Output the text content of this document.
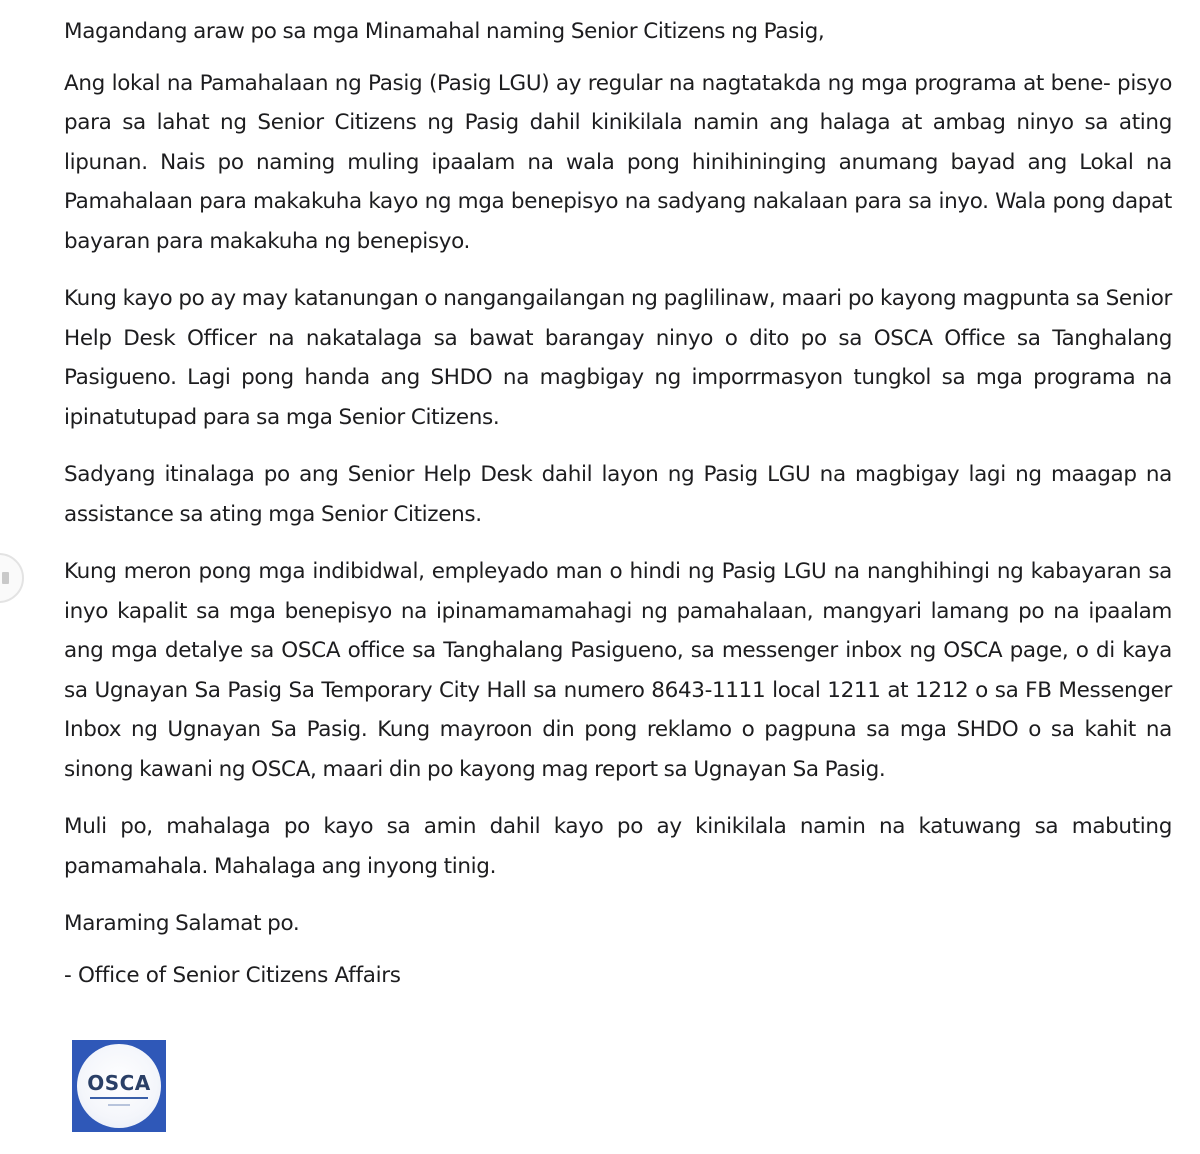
Magandang araw po sa mga Minamahal naming Senior Citizens ng Pasig,

Ang lokal na Pamahalaan ng Pasig (Pasig LGU) ay regular na nagtatakda ng mga programa at bene- pisyo para sa lahat ng Senior Citizens ng Pasig dahil kinikilala namin ang halaga at ambag ninyo sa ating lipunan. Nais po naming muling ipaalam na wala pong hinihininging anumang bayad ang Lokal na Pamahalaan para makakuha kayo ng mga benepisyo na sadyang nakalaan para sa inyo. Wala pong dapat bayaran para makakuha ng benepisyo.

Kung kayo po ay may katanungan o nangangailangan ng paglilinaw, maari po kayong magpunta sa Senior Help Desk Officer na nakatalaga sa bawat barangay ninyo o dito po sa OSCA Office sa Tanghalang Pasigueno. Lagi pong handa ang SHDO na magbigay ng imporrmasyon tungkol sa mga programa na ipinatutupad para sa mga Senior Citizens.

Sadyang itinalaga po ang Senior Help Desk dahil layon ng Pasig LGU na magbigay lagi ng maagap na assistance sa ating mga Senior Citizens.

Kung meron pong mga indibidwal, empleyado man o hindi ng Pasig LGU na nanghihingi ng kabayaran sa inyo kapalit sa mga benepisyo na ipinamamamahagi ng pamahalaan, mangyari lamang po na ipaalam ang mga detalye sa OSCA office sa Tanghalang Pasigueno, sa messenger inbox ng OSCA page, o di kaya sa Ugnayan Sa Pasig Sa Temporary City Hall sa numero 8643-1111 local 1211 at 1212 o sa FB Messenger Inbox ng Ugnayan Sa Pasig. Kung mayroon din pong reklamo o pagpuna sa mga SHDO o sa kahit na sinong kawani ng OSCA, maari din po kayong mag report sa Ugnayan Sa Pasig.

Muli po, mahalaga po kayo sa amin dahil kayo po ay kinikilala namin na katuwang sa mabuting pamamahala. Mahalaga ang inyong tinig.

Maraming Salamat po.

- Office of Senior Citizens Affairs

OSCA
